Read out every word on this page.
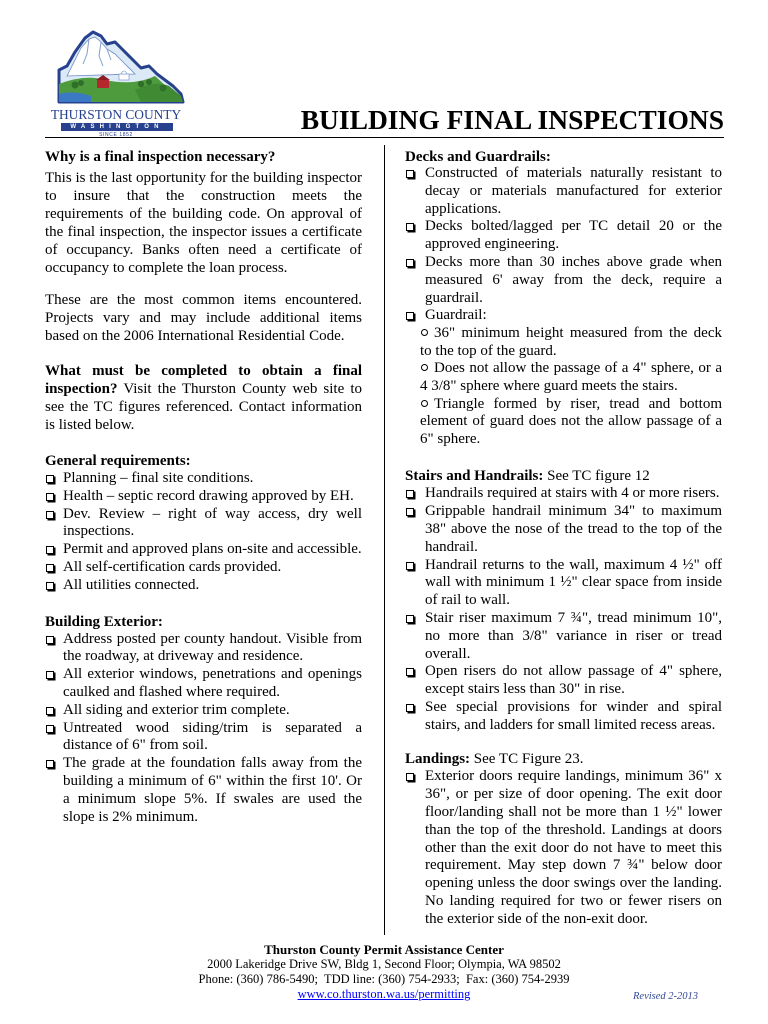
THURSTON COUNTY
WASHINGTON
SINCE 1852	BUILDING FINAL INSPECTIONS
Why is a final inspection necessary?

This is the last opportunity for the building inspector to insure that the construction meets the requirements of the building code. On approval of the final inspection, the inspector issues a certificate of occupancy. Banks often need a certificate of occupancy to complete the loan process.

These are the most common items encountered. Projects vary and may include additional items based on the 2006 International Residential Code.

What must be completed to obtain a final inspection? Visit the Thurston County web site to see the TC figures referenced. Contact information is listed below.

General requirements:
Planning – final site conditions.
Health – septic record drawing approved by EH.
Dev. Review – right of way access, dry well inspections.
Permit and approved plans on-site and accessible.
All self-certification cards provided.
All utilities connected.
Building Exterior:
Address posted per county handout. Visible from the roadway, at driveway and residence.
All exterior windows, penetrations and openings caulked and flashed where required.
All siding and exterior trim complete.
Untreated wood siding/trim is separated a distance of 6" from soil.
The grade at the foundation falls away from the building a minimum of 6" within the first 10'. Or a minimum slope 5%. If swales are used the slope is 2% minimum.
Decks and Guardrails:
Constructed of materials naturally resistant to decay or materials manufactured for exterior applications.
Decks bolted/lagged per TC detail 20 or the approved engineering.
Decks more than 30 inches above grade when measured 6' away from the deck, require a guardrail.
Guardrail:
36" minimum height measured from the deck to the top of the guard.
Does not allow the passage of a 4" sphere, or a 4 3/8" sphere where guard meets the stairs.
Triangle formed by riser, tread and bottom element of guard does not the allow passage of a 6" sphere.
Stairs and Handrails: See TC figure 12
Handrails required at stairs with 4 or more risers.
Grippable handrail minimum 34" to maximum 38" above the nose of the tread to the top of the handrail.
Handrail returns to the wall, maximum 4 ½" off wall with minimum 1 ½" clear space from inside of rail to wall.
Stair riser maximum 7 ¾", tread minimum 10", no more than 3/8" variance in riser or tread overall.
Open risers do not allow passage of 4" sphere, except stairs less than 30" in rise.
See special provisions for winder and spiral stairs, and ladders for small limited recess areas.
Landings: See TC Figure 23.
Exterior doors require landings, minimum 36" x 36", or per size of door opening. The exit door floor/landing shall not be more than 1 ½" lower than the top of the threshold. Landings at doors other than the exit door do not have to meet this requirement. May step down 7 ¾" below door opening unless the door swings over the landing. No landing required for two or fewer risers on the exterior side of the non-exit door.
Thurston County Permit Assistance Center
2000 Lakeridge Drive SW, Bldg 1, Second Floor; Olympia, WA 98502
Phone: (360) 786-5490;  TDD line: (360) 754-2933;  Fax: (360) 754-2939
www.co.thurston.wa.us/permitting	Revised 2-2013
